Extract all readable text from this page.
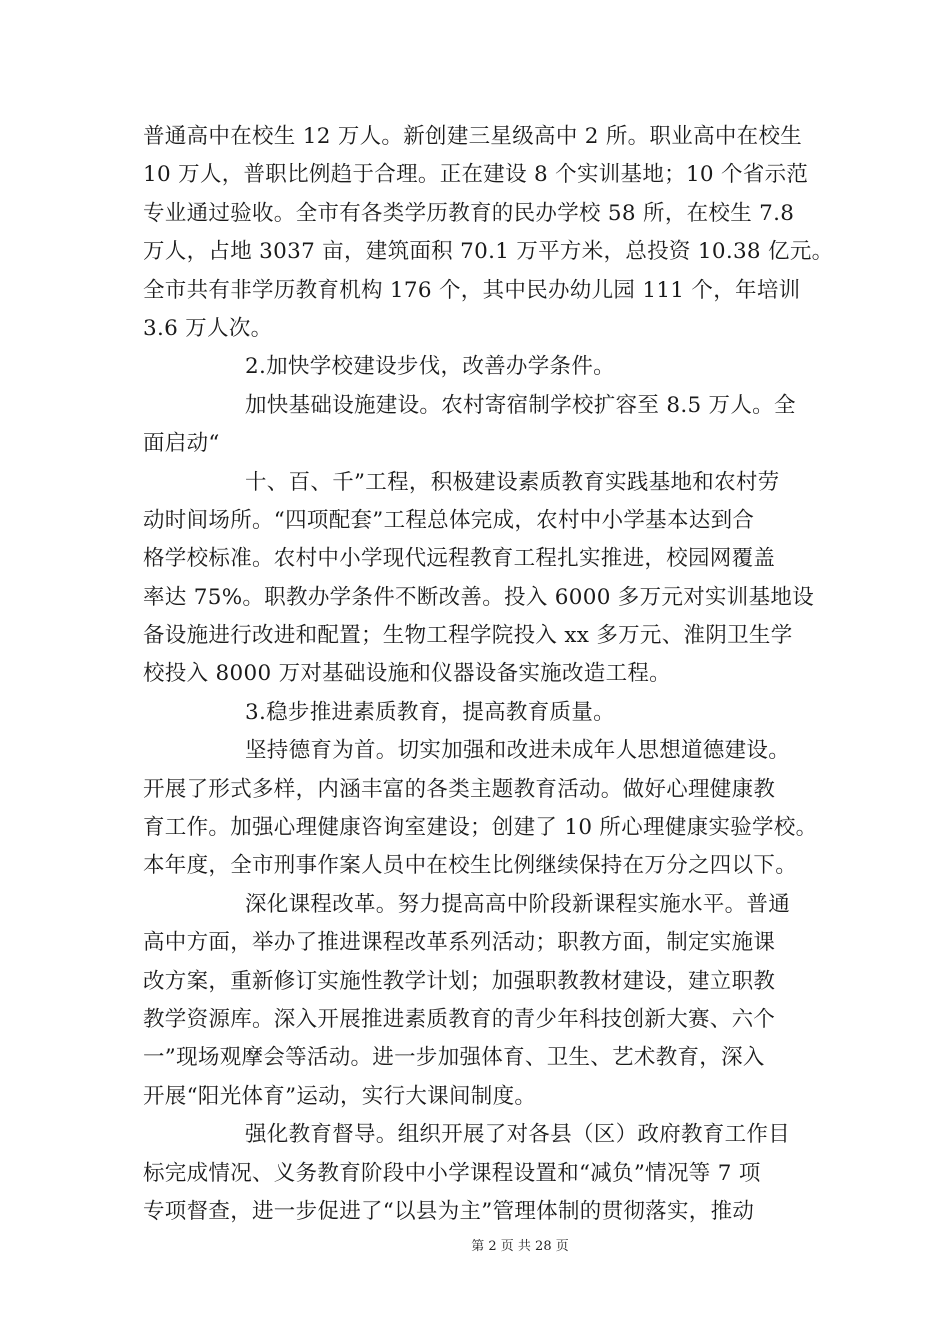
普通高中在校生 12 万人。新创建三星级高中 2 所。职业高中在校生
10 万人，普职比例趋于合理。正在建设 8 个实训基地；10 个省示范
专业通过验收。全市有各类学历教育的民办学校 58 所，在校生 7.8
万人，占地 3037 亩，建筑面积 70.1 万平方米，总投资 10.38 亿元。
全市共有非学历教育机构 176 个，其中民办幼儿园 111 个，年培训
3.6 万人次。
2.加快学校建设步伐，改善办学条件。
加快基础设施建设。农村寄宿制学校扩容至 8.5 万人。全
面启动“
十、百、千”工程，积极建设素质教育实践基地和农村劳
动时间场所。“四项配套”工程总体完成，农村中小学基本达到合
格学校标准。农村中小学现代远程教育工程扎实推进，校园网覆盖
率达 75%。职教办学条件不断改善。投入 6000 多万元对实训基地设
备设施进行改进和配置；生物工程学院投入 xx 多万元、淮阴卫生学
校投入 8000 万对基础设施和仪器设备实施改造工程。
3.稳步推进素质教育，提高教育质量。
坚持德育为首。切实加强和改进未成年人思想道德建设。
开展了形式多样，内涵丰富的各类主题教育活动。做好心理健康教
育工作。加强心理健康咨询室建设；创建了 10 所心理健康实验学校。
本年度，全市刑事作案人员中在校生比例继续保持在万分之四以下。
深化课程改革。努力提高高中阶段新课程实施水平。普通
高中方面，举办了推进课程改革系列活动；职教方面，制定实施课
改方案，重新修订实施性教学计划；加强职教教材建设，建立职教
教学资源库。深入开展推进素质教育的青少年科技创新大赛、六个
一”现场观摩会等活动。进一步加强体育、卫生、艺术教育，深入
开展“阳光体育”运动，实行大课间制度。
强化教育督导。组织开展了对各县（区）政府教育工作目
标完成情况、义务教育阶段中小学课程设置和“减负”情况等 7 项
专项督查，进一步促进了“以县为主”管理体制的贯彻落实，推动
第 2 页 共 28 页
